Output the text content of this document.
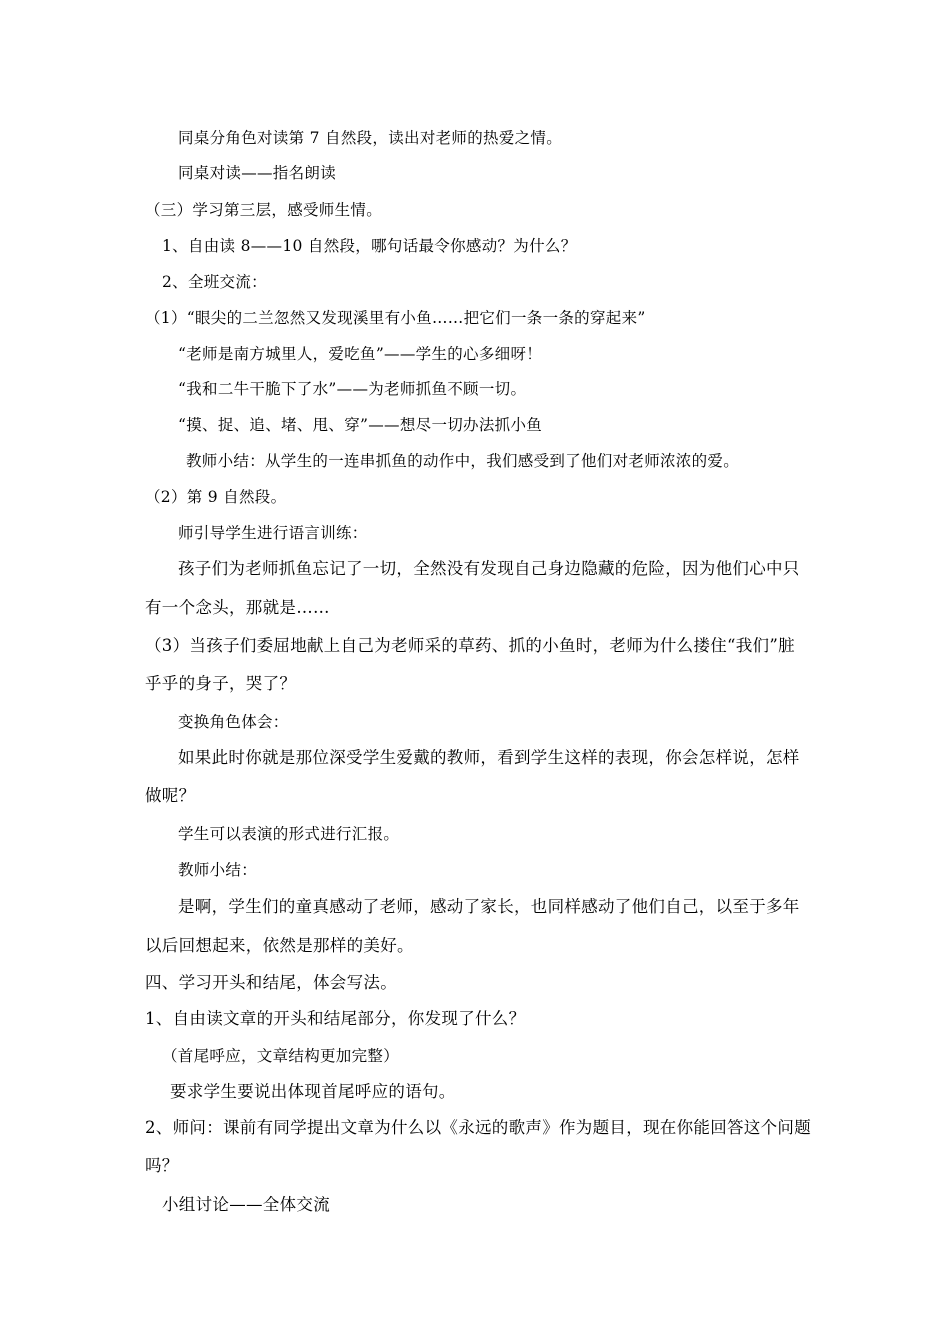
同桌分角色对读第 7 自然段，读出对老师的热爱之情。
同桌对读——指名朗读
（三）学习第三层，感受师生情。
1、自由读 8——10 自然段，哪句话最令你感动？为什么？
2、全班交流：
（1）“眼尖的二兰忽然又发现溪里有小鱼……把它们一条一条的穿起来”
“老师是南方城里人，爱吃鱼”——学生的心多细呀！
“我和二牛干脆下了水”——为老师抓鱼不顾一切。
“摸、捉、追、堵、甩、穿”——想尽一切办法抓小鱼
教师小结：从学生的一连串抓鱼的动作中，我们感受到了他们对老师浓浓的爱。
（2）第 9 自然段。
师引导学生进行语言训练：
孩子们为老师抓鱼忘记了一切，全然没有发现自己身边隐藏的危险，因为他们心中只
有一个念头，那就是……
（3）当孩子们委屈地献上自己为老师采的草药、抓的小鱼时，老师为什么搂住“我们”脏
乎乎的身子，哭了？
变换角色体会：
如果此时你就是那位深受学生爱戴的教师，看到学生这样的表现，你会怎样说，怎样
做呢？
学生可以表演的形式进行汇报。
教师小结：
是啊，学生们的童真感动了老师，感动了家长，也同样感动了他们自己，以至于多年
以后回想起来，依然是那样的美好。
四、学习开头和结尾，体会写法。
1、自由读文章的开头和结尾部分，你发现了什么？
（首尾呼应，文章结构更加完整）
要求学生要说出体现首尾呼应的语句。
2、师问：课前有同学提出文章为什么以《永远的歌声》作为题目，现在你能回答这个问题
吗？
小组讨论——全体交流
